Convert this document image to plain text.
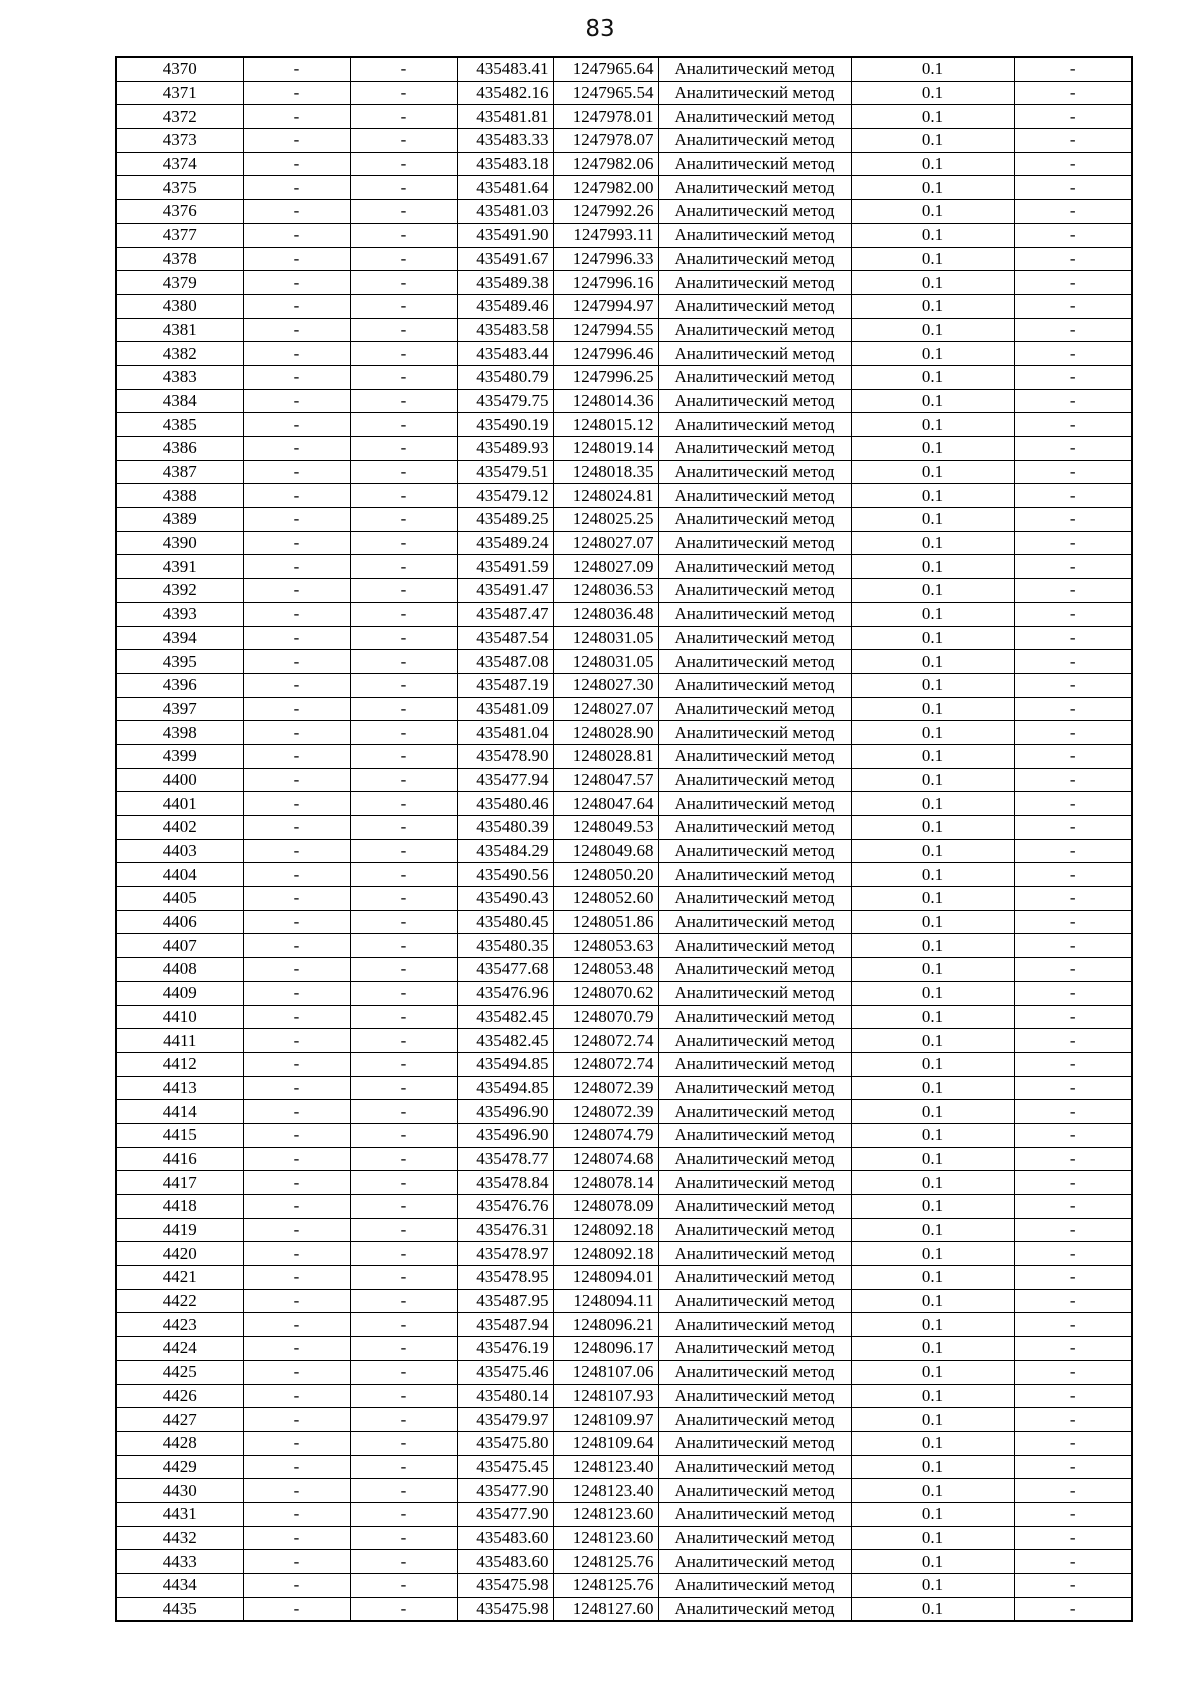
83
4370	-	-	435483.41	1247965.64	Аналитический метод	0.1	-
4371	-	-	435482.16	1247965.54	Аналитический метод	0.1	-
4372	-	-	435481.81	1247978.01	Аналитический метод	0.1	-
4373	-	-	435483.33	1247978.07	Аналитический метод	0.1	-
4374	-	-	435483.18	1247982.06	Аналитический метод	0.1	-
4375	-	-	435481.64	1247982.00	Аналитический метод	0.1	-
4376	-	-	435481.03	1247992.26	Аналитический метод	0.1	-
4377	-	-	435491.90	1247993.11	Аналитический метод	0.1	-
4378	-	-	435491.67	1247996.33	Аналитический метод	0.1	-
4379	-	-	435489.38	1247996.16	Аналитический метод	0.1	-
4380	-	-	435489.46	1247994.97	Аналитический метод	0.1	-
4381	-	-	435483.58	1247994.55	Аналитический метод	0.1	-
4382	-	-	435483.44	1247996.46	Аналитический метод	0.1	-
4383	-	-	435480.79	1247996.25	Аналитический метод	0.1	-
4384	-	-	435479.75	1248014.36	Аналитический метод	0.1	-
4385	-	-	435490.19	1248015.12	Аналитический метод	0.1	-
4386	-	-	435489.93	1248019.14	Аналитический метод	0.1	-
4387	-	-	435479.51	1248018.35	Аналитический метод	0.1	-
4388	-	-	435479.12	1248024.81	Аналитический метод	0.1	-
4389	-	-	435489.25	1248025.25	Аналитический метод	0.1	-
4390	-	-	435489.24	1248027.07	Аналитический метод	0.1	-
4391	-	-	435491.59	1248027.09	Аналитический метод	0.1	-
4392	-	-	435491.47	1248036.53	Аналитический метод	0.1	-
4393	-	-	435487.47	1248036.48	Аналитический метод	0.1	-
4394	-	-	435487.54	1248031.05	Аналитический метод	0.1	-
4395	-	-	435487.08	1248031.05	Аналитический метод	0.1	-
4396	-	-	435487.19	1248027.30	Аналитический метод	0.1	-
4397	-	-	435481.09	1248027.07	Аналитический метод	0.1	-
4398	-	-	435481.04	1248028.90	Аналитический метод	0.1	-
4399	-	-	435478.90	1248028.81	Аналитический метод	0.1	-
4400	-	-	435477.94	1248047.57	Аналитический метод	0.1	-
4401	-	-	435480.46	1248047.64	Аналитический метод	0.1	-
4402	-	-	435480.39	1248049.53	Аналитический метод	0.1	-
4403	-	-	435484.29	1248049.68	Аналитический метод	0.1	-
4404	-	-	435490.56	1248050.20	Аналитический метод	0.1	-
4405	-	-	435490.43	1248052.60	Аналитический метод	0.1	-
4406	-	-	435480.45	1248051.86	Аналитический метод	0.1	-
4407	-	-	435480.35	1248053.63	Аналитический метод	0.1	-
4408	-	-	435477.68	1248053.48	Аналитический метод	0.1	-
4409	-	-	435476.96	1248070.62	Аналитический метод	0.1	-
4410	-	-	435482.45	1248070.79	Аналитический метод	0.1	-
4411	-	-	435482.45	1248072.74	Аналитический метод	0.1	-
4412	-	-	435494.85	1248072.74	Аналитический метод	0.1	-
4413	-	-	435494.85	1248072.39	Аналитический метод	0.1	-
4414	-	-	435496.90	1248072.39	Аналитический метод	0.1	-
4415	-	-	435496.90	1248074.79	Аналитический метод	0.1	-
4416	-	-	435478.77	1248074.68	Аналитический метод	0.1	-
4417	-	-	435478.84	1248078.14	Аналитический метод	0.1	-
4418	-	-	435476.76	1248078.09	Аналитический метод	0.1	-
4419	-	-	435476.31	1248092.18	Аналитический метод	0.1	-
4420	-	-	435478.97	1248092.18	Аналитический метод	0.1	-
4421	-	-	435478.95	1248094.01	Аналитический метод	0.1	-
4422	-	-	435487.95	1248094.11	Аналитический метод	0.1	-
4423	-	-	435487.94	1248096.21	Аналитический метод	0.1	-
4424	-	-	435476.19	1248096.17	Аналитический метод	0.1	-
4425	-	-	435475.46	1248107.06	Аналитический метод	0.1	-
4426	-	-	435480.14	1248107.93	Аналитический метод	0.1	-
4427	-	-	435479.97	1248109.97	Аналитический метод	0.1	-
4428	-	-	435475.80	1248109.64	Аналитический метод	0.1	-
4429	-	-	435475.45	1248123.40	Аналитический метод	0.1	-
4430	-	-	435477.90	1248123.40	Аналитический метод	0.1	-
4431	-	-	435477.90	1248123.60	Аналитический метод	0.1	-
4432	-	-	435483.60	1248123.60	Аналитический метод	0.1	-
4433	-	-	435483.60	1248125.76	Аналитический метод	0.1	-
4434	-	-	435475.98	1248125.76	Аналитический метод	0.1	-
4435	-	-	435475.98	1248127.60	Аналитический метод	0.1	-
